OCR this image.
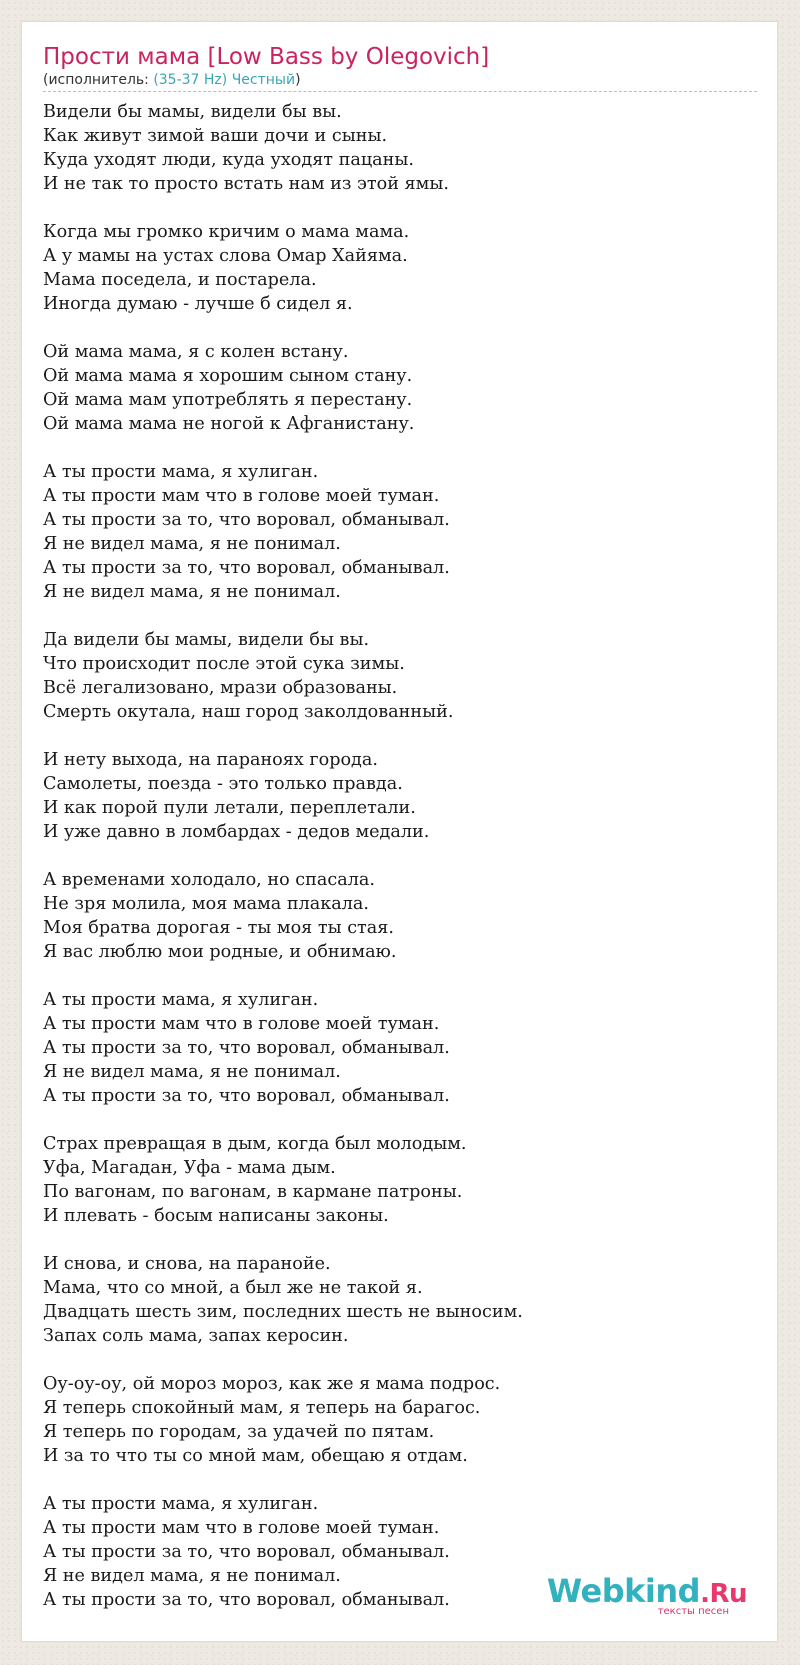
Прости мама [Low Bass by Olegovich]
(исполнитель: (35-37 Hz) Честный)
Видели бы мамы, видели бы вы.
Как живут зимой ваши дочи и сыны.
Куда уходят люди, куда уходят пацаны.
И не так то просто встать нам из этой ямы.
Когда мы громко кричим о мама мама.
А у мамы на устах слова Омар Хайяма.
Мама поседела, и постарела.
Иногда думаю - лучше б сидел я.
Ой мама мама, я с колен встану.
Ой мама мама я хорошим сыном стану.
Ой мама мам употреблять я перестану.
Ой мама мама не ногой к Афганистану.
А ты прости мама, я хулиган.
А ты прости мам что в голове моей туман.
А ты прости за то, что воровал, обманывал.
Я не видел мама, я не понимал.
А ты прости за то, что воровал, обманывал.
Я не видел мама, я не понимал.
Да видели бы мамы, видели бы вы.
Что происходит после этой сука зимы.
Всё легализовано, мрази образованы.
Смерть окутала, наш город заколдованный.
И нету выхода, на параноях города.
Самолеты, поезда - это только правда.
И как порой пули летали, переплетали.
И уже давно в ломбардах - дедов медали.
А временами холодало, но спасала.
Не зря молила, моя мама плакала.
Моя братва дорогая - ты моя ты стая.
Я вас люблю мои родные, и обнимаю.
А ты прости мама, я хулиган.
А ты прости мам что в голове моей туман.
А ты прости за то, что воровал, обманывал.
Я не видел мама, я не понимал.
А ты прости за то, что воровал, обманывал.
Страх превращая в дым, когда был молодым.
Уфа, Магадан, Уфа - мама дым.
По вагонам, по вагонам, в кармане патроны.
И плевать - босым написаны законы.
И снова, и снова, на паранойе.
Мама, что со мной, а был же не такой я.
Двадцать шесть зим, последних шесть не выносим.
Запах соль мама, запах керосин.
Оу-оу-оу, ой мороз мороз, как же я мама подрос.
Я теперь спокойный мам, я теперь на барагос.
Я теперь по городам, за удачей по пятам.
И за то что ты со мной мам, обещаю я отдам.
А ты прости мама, я хулиган.
А ты прости мам что в голове моей туман.
А ты прости за то, что воровал, обманывал.
Я не видел мама, я не понимал.
А ты прости за то, что воровал, обманывал.	Webkind.Ru
тексты песен
